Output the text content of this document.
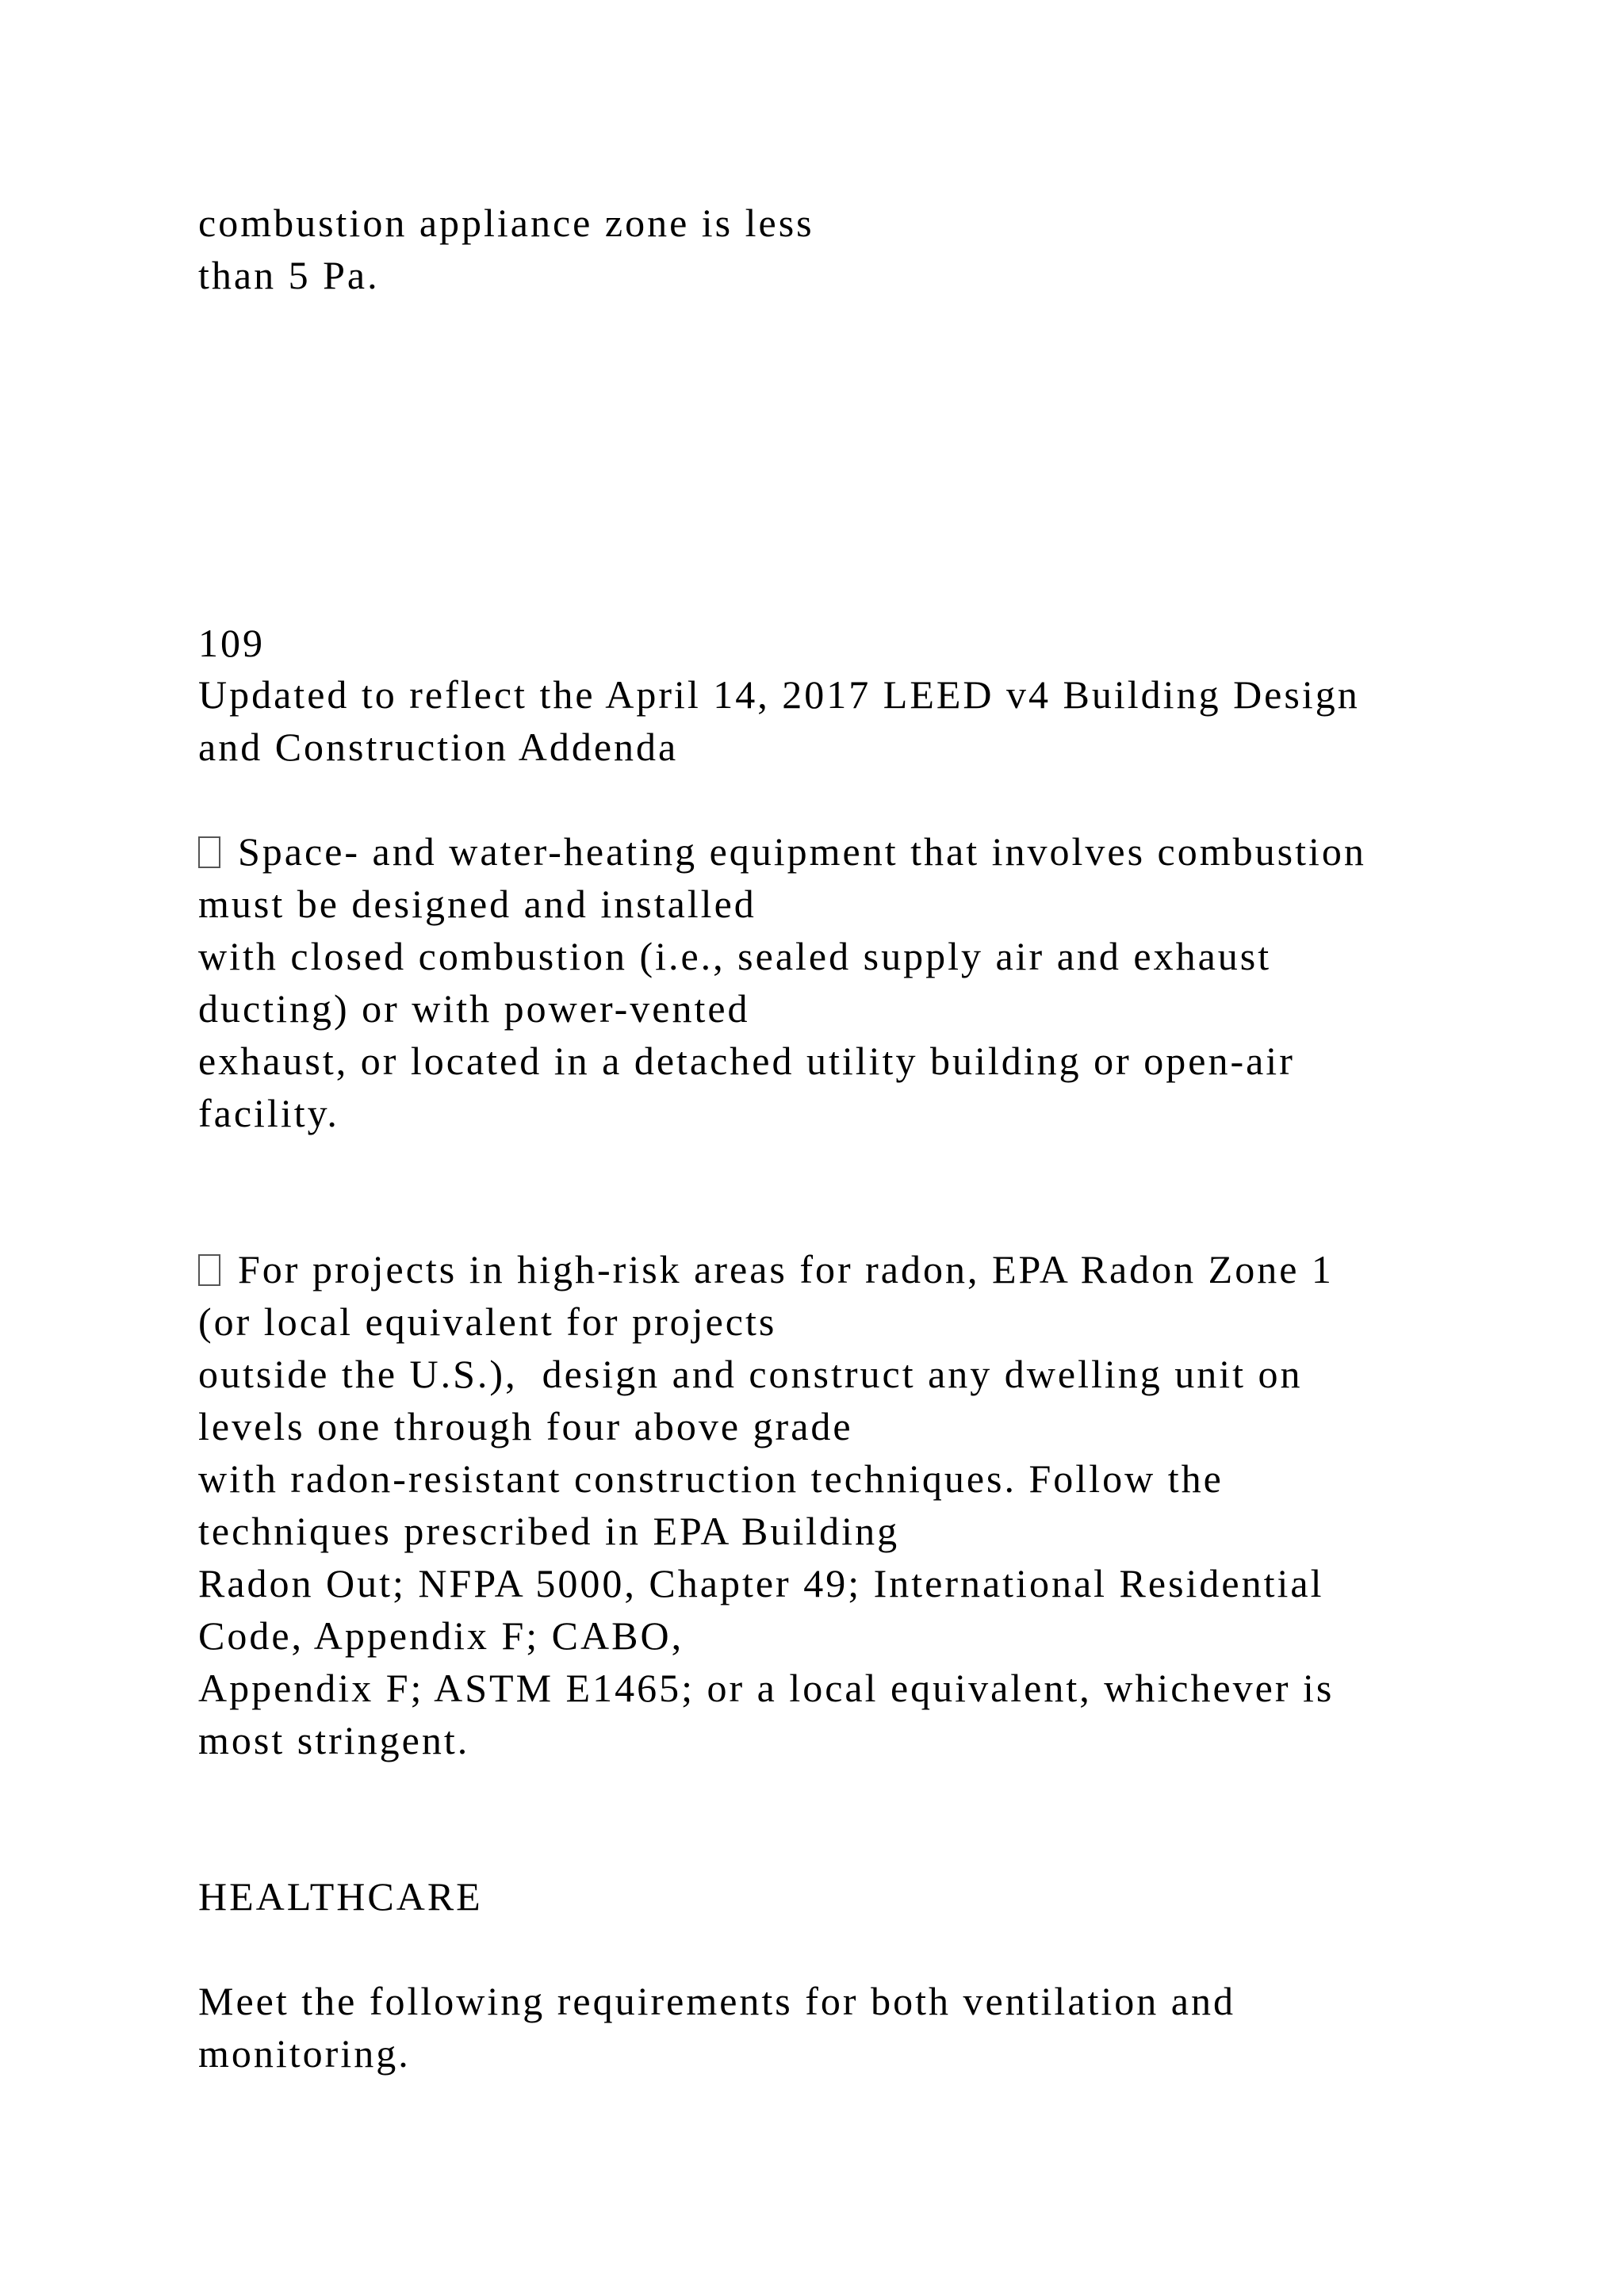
combustion appliance zone is less
than 5 Pa.
109
Updated to reflect the April 14, 2017 LEED v4 Building Design
and Construction Addenda
Space- and water-heating equipment that involves combustion
must be designed and installed
with closed combustion (i.e., sealed supply air and exhaust
ducting) or with power-vented
exhaust, or located in a detached utility building or open-air
facility.
For projects in high-risk areas for radon, EPA Radon Zone 1
(or local equivalent for projects
outside the U.S.),  design and construct any dwelling unit on
levels one through four above grade
with radon-resistant construction techniques. Follow the
techniques prescribed in EPA Building
Radon Out; NFPA 5000, Chapter 49; International Residential
Code, Appendix F; CABO,
Appendix F; ASTM E1465; or a local equivalent, whichever is
most stringent.
HEALTHCARE
Meet the following requirements for both ventilation and
monitoring.
